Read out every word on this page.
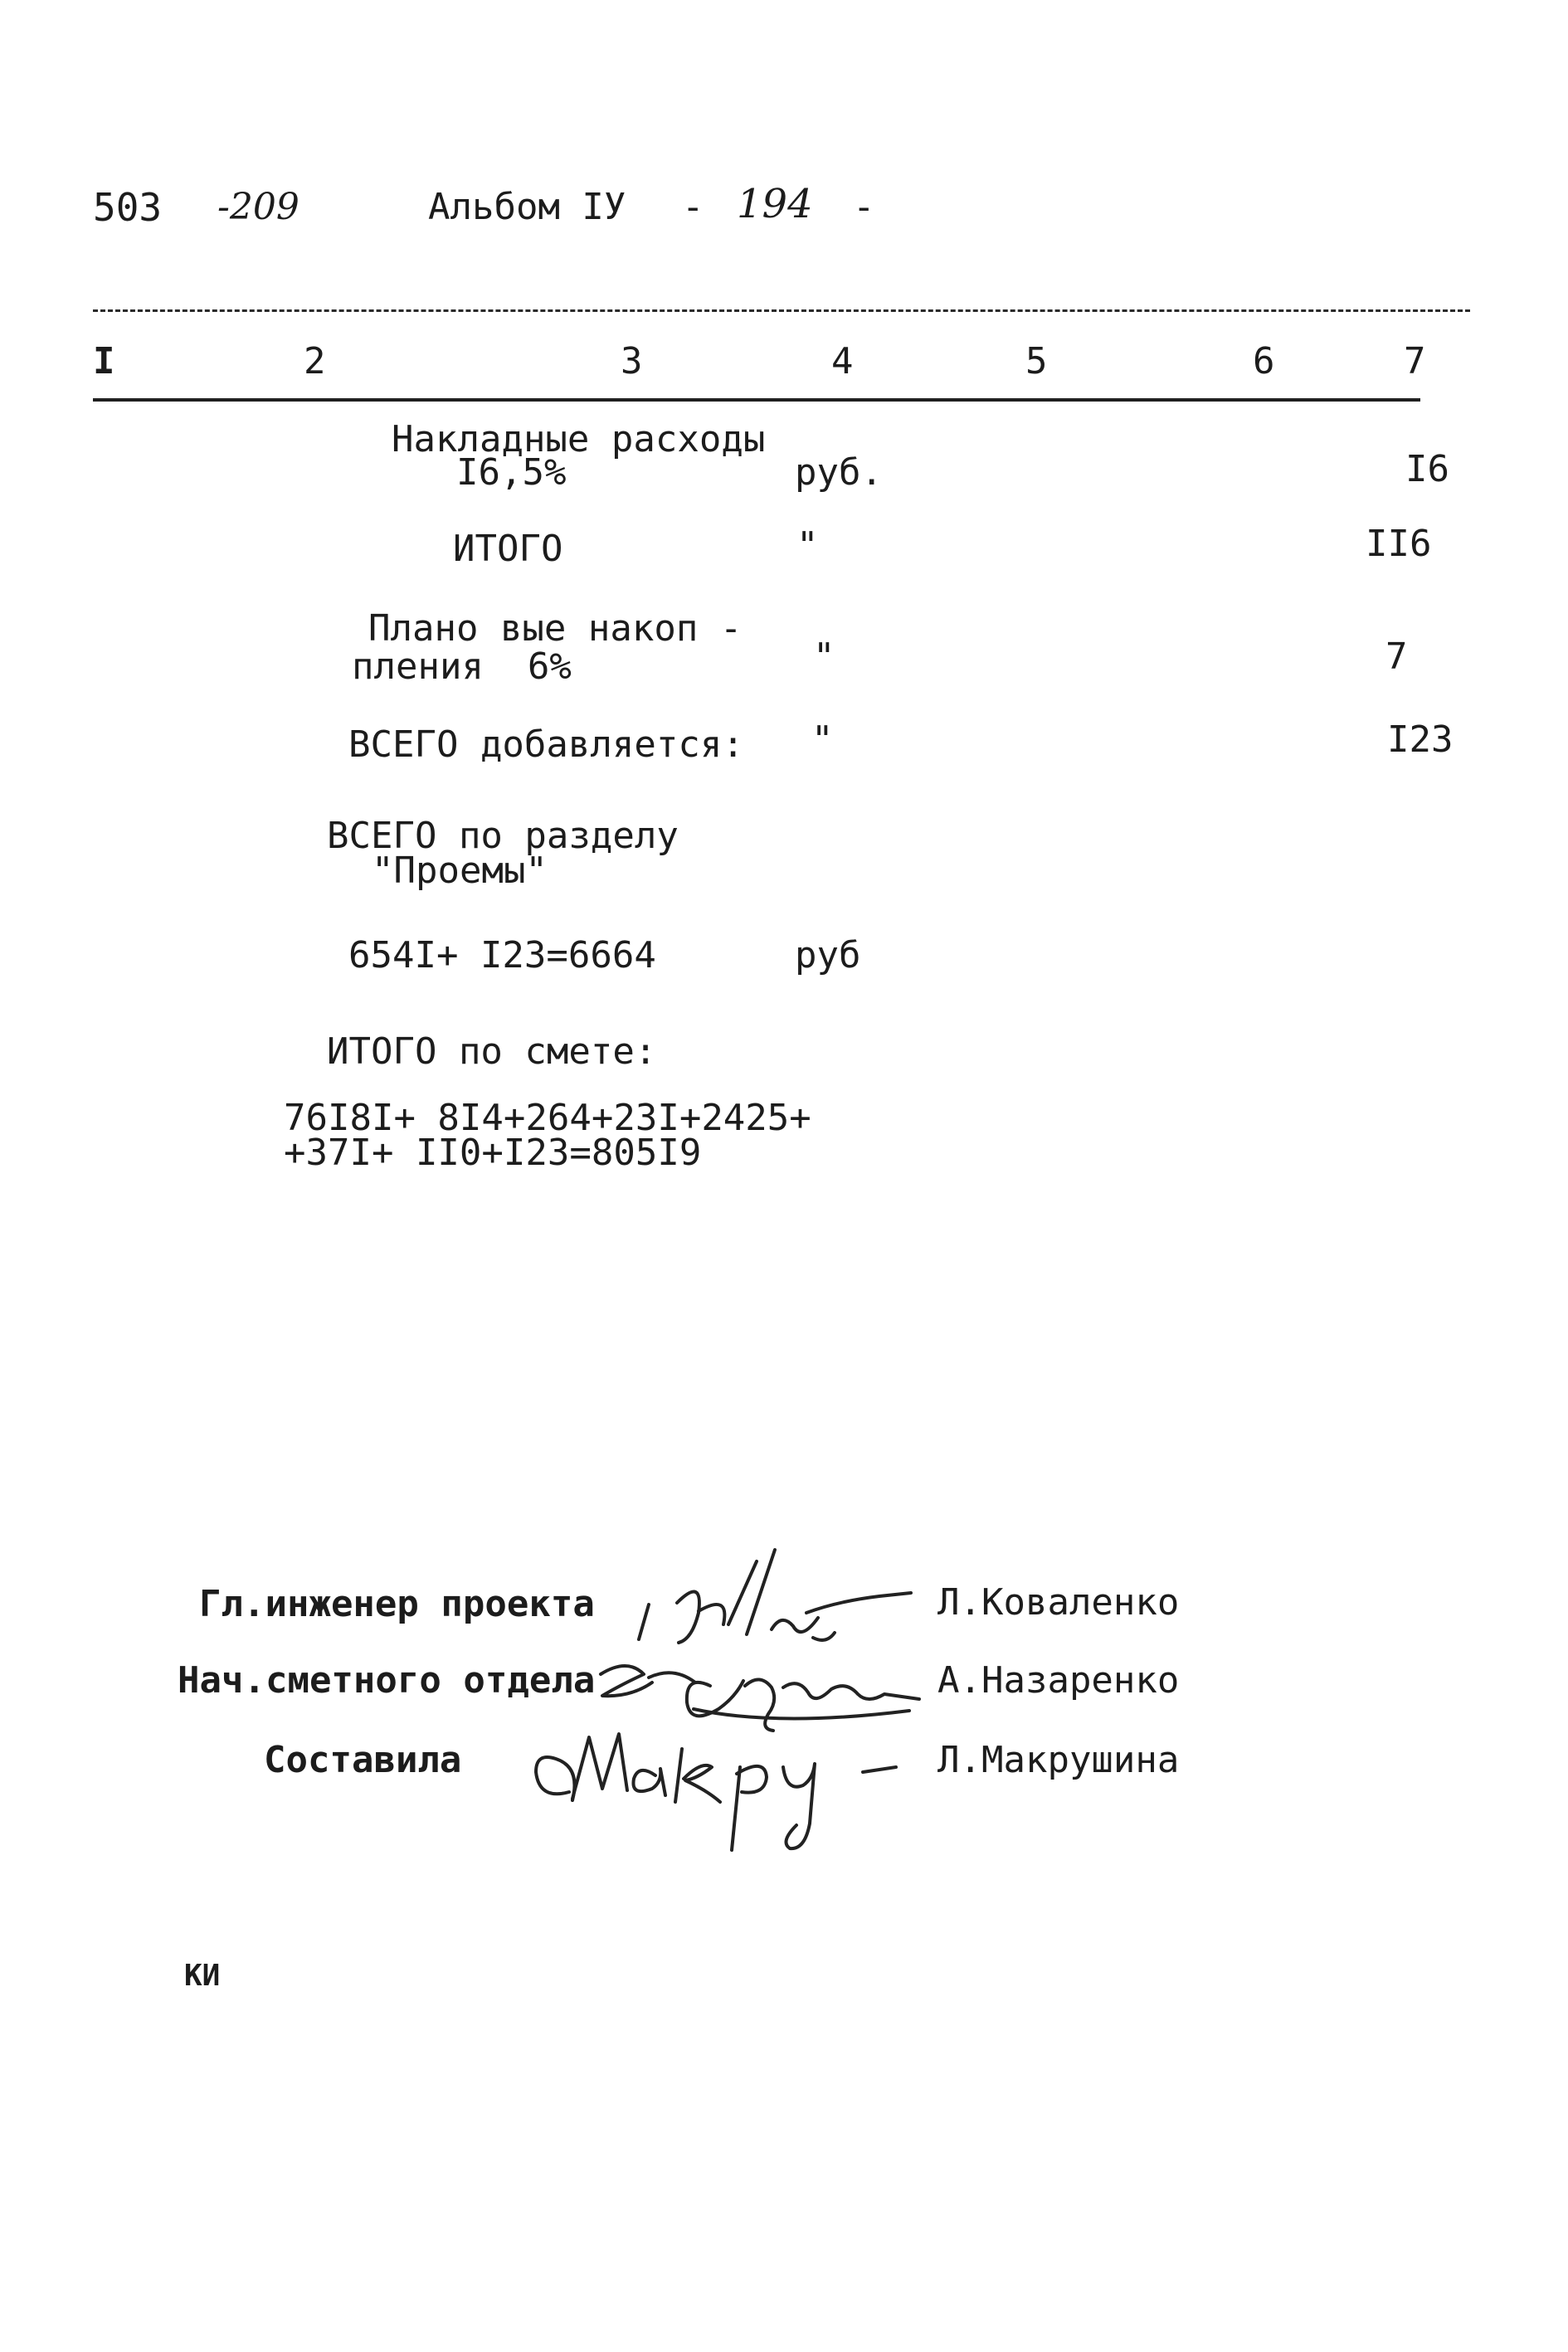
503 -209	Альбом IУ - 194 -
I	2	3	4	5	6	7
Накладные расходы
I6,5%	руб.	I6
ИТОГО	"	II6
Плано вые накоп -
пления  6%	"	7
ВСЕГО добавляется: "	I23
ВСЕГО по разделу
"Проемы"
654I+ I23=6664	руб
ИТОГО по смете:
76I8I+ 8I4+264+23I+2425+
+37I+ II0+I23=805I9
Гл.инженер проекта	Л.Коваленко
Нач.сметного отдела	А.Назаренко
Составила	Л.Макрушина
КИ
